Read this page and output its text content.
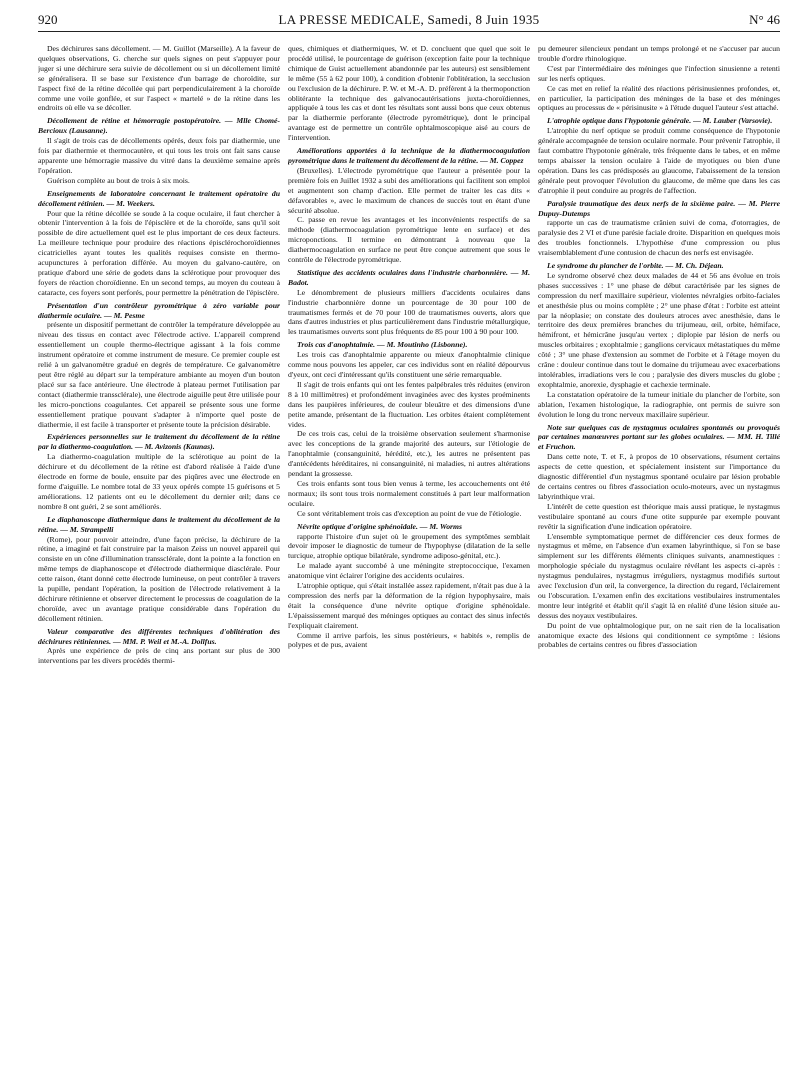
920	LA PRESSE MEDICALE, Samedi, 8 Juin 1935	N° 46

Des déchirures sans décollement. — M. Guillot (Marseille). A la faveur de quelques observations, G. cherche sur quels signes on peut s'appuyer pour juger si une déchirure sera suivie de décollement ou si un décollement limité se généralisera. Il se base sur l'existence d'un barrage de choroïdite, sur l'aspect fixé de la rétine décollée qui part perpendiculairement à la choroïde comme une voile gonflée, et sur l'aspect « martelé » de la rétine dans les endroits où elle va se décoller.

Décollement de rétine et hémorragie postopératoire. — Mlle Chomé-Bercioux (Lausanne).

Il s'agit de trois cas de décollements opérés, deux fois par diathermie, une fois par diathermie et thermocautère, et qui tous les trois ont fait sans cause apparente une hémorragie massive du vitré dans la deuxième semaine après l'opération.

Guérison complète au bout de trois à six mois.

Enseignements de laboratoire concernant le traitement opératoire du décollement rétinien. — M. Weekers.

Pour que la rétine décollée se soude à la coque oculaire, il faut chercher à obtenir l'intervention à la fois de l'épisclère et de la choroïde, sans qu'il soit possible de dire actuellement quel est le plus important de ces deux facteurs. La meilleure technique pour produire des réactions épisclérochoroïdiennes cicatricielles ayant toutes les qualités requises consiste en thermo-acupunctures à perforation différée. Au moyen du galvano-cautère, on pratique d'abord une série de godets dans la sclérotique pour provoquer des foyers de réaction choroïdienne. En un second temps, au moyen du couteau à cataracte, ces foyers sont perforés, pour permettre la pénétration de l'épisclère.

Présentation d'un contrôleur pyrométrique à zéro variable pour diathermie oculaire. — M. Pesme

présente un dispositif permettant de contrôler la température développée au niveau des tissus en contact avec l'électrode active. L'appareil comprend essentiellement un couple thermo-électrique agissant à la fois comme instrument opératoire et comme instrument de mesure. Ce premier couple est relié à un galvanomètre gradué en degrés de température. Ce galvanomètre peut être réglé au départ sur la température ambiante au moyen d'un bouton placé sur sa face antérieure. Une électrode à plateau permet l'utilisation par contact (diathermie transsclérale), une électrode aiguille peut être utilisée pour les micro-ponctions coagulantes. Cet appareil se présente sous une forme essentiellement pratique pouvant s'adapter à n'importe quel poste de diathermie, il est facile à transporter et présente toute la précision désirable.

Expériences personnelles sur le traitement du décollement de la rétine par la diathermo-coagulation. — M. Avizonis (Kaunas).

La diathermo-coagulation multiple de la sclérotique au point de la déchirure et du décollement de la rétine est d'abord réalisée à l'aide d'une électrode en forme de boule, ensuite par des piqûres avec une électrode en forme d'aiguille. Le nombre total de 33 yeux opérés compte 15 guérisons et 5 améliorations. 12 patients ont eu le décollement du dernier œil; dans ce nombre 8 ont guéri, 2 se sont améliorés.

Le diaphanoscope diathermique dans le traitement du décollement de la rétine. — M. Strampelli

(Rome), pour pouvoir atteindre, d'une façon précise, la déchirure de la rétine, a imaginé et fait construire par la maison Zeiss un nouvel appareil qui consiste en un cône d'illumination transsclérale, dont la pointe a la fonction en même temps de diaphanoscope et d'électrode diathermique diasclérale. Pour cette raison, étant donné cette électrode lumineuse, on peut contrôler à travers la pupille, pendant l'opération, la position de l'électrode relativement à la déchirure rétinienne et observer directement le processus de coagulation de la choroïde, avec un avantage pratique considérable dans l'opération du décollement rétinien.

Valeur comparative des différentes techniques d'oblitération des déchirures rétiniennes. — MM. P. Weil et M.-A. Dollfus.

Après une expérience de près de cinq ans portant sur plus de 300 interventions par les divers procédés thermi-

ques, chimiques et diathermiques, W. et D. concluent que quel que soit le procédé utilisé, le pourcentage de guérison (exception faite pour la technique chimique de Guist actuellement abandonnée par les auteurs) est sensiblement le même (55 à 62 pour 100), à condition d'obtenir l'oblitération, la secclusion ou l'exclusion de la déchirure. P. W. et M.-A. D. préfèrent à la thermoponction oblitérante la technique des galvanocautérisations juxta-choroïdiennes, appliquée à tous les cas et dont les résultats sont aussi bons que ceux obtenus par la diathermie perforante (électrode pyrométrique), dont le principal avantage est de permettre un contrôle ophtalmoscopique aisé au cours de l'intervention.

Améliorations apportées à la technique de la diathermocoagulation pyrométrique dans le traitement du décollement de la rétine. — M. Coppez

(Bruxelles). L'électrode pyrométrique que l'auteur a présentée pour la première fois en Juillet 1932 a subi des améliorations qui facilitent son emploi et augmentent son champ d'action. Elle permet de traiter les cas dits « défavorables », avec le maximum de chances de succès tout en étant d'une sécurité absolue.

C. passe en revue les avantages et les inconvénients respectifs de sa méthode (diathermocoagulation pyrométrique lente en surface) et des microponctions. Il termine en démontrant à nouveau que la diathermocoagulation en surface ne peut être conçue autrement que sous le contrôle de l'électrode pyrométrique.

Statistique des accidents oculaires dans l'industrie charbonnière. — M. Badot.

Le dénombrement de plusieurs milliers d'accidents oculaires dans l'industrie charbonnière donne un pourcentage de 30 pour 100 de traumatismes fermés et de 70 pour 100 de traumatismes ouverts, alors que dans d'autres industries et plus particulièrement dans l'industrie métallurgique, les traumatismes ouverts sont plus fréquents de 85 pour 100 à 90 pour 100.

Trois cas d'anophtalmie. — M. Moutinho (Lisbonne).

Les trois cas d'anophtalmie apparente ou mieux d'anophtalmie clinique comme nous pouvons les appeler, car ces individus sont en réalité dépourvus d'yeux, ont ceci d'intéressant qu'ils constituent une série remarquable.

Il s'agit de trois enfants qui ont les fentes palpébrales très réduites (environ 8 à 10 millimètres) et profondément invaginées avec des kystes proéminents dans les paupières inférieures, de couleur bleuâtre et des dimensions d'une petite amande, présentant de la fluctuation. Les orbites étaient complètement vides.

De ces trois cas, celui de la troisième observation seulement s'harmonise avec les conceptions de la grande majorité des auteurs, sur l'étiologie de l'anophtalmie (consanguinité, hérédité, etc.), les autres ne présentent pas d'antécédents héréditaires, ni consanguinité, ni maladies, ni autres altérations pendant la grossesse.

Ces trois enfants sont tous bien venus à terme, les accouchements ont été normaux; ils sont tous trois normalement constitués à part leur malformation oculaire.

Ce sont véritablement trois cas d'exception au point de vue de l'étiologie.

Névrite optique d'origine sphénoïdale. — M. Worms

rapporte l'histoire d'un sujet où le groupement des symptômes semblait devoir imposer le diagnostic de tumeur de l'hypophyse (dilatation de la selle turcique, atrophie optique bilatérale, syndrome adiposo-génital, etc.).

Le malade ayant succombé à une méningite streptococcique, l'examen anatomique vint éclairer l'origine des accidents oculaires.

L'atrophie optique, qui s'était installée assez rapidement, n'était pas due à la compression des nerfs par la déformation de la région hypophysaire, mais était la conséquence d'une névrite optique d'origine sphénoïdale. L'épaississement marqué des méninges optiques au contact des sinus infectés l'expliquait clairement.

Comme il arrive parfois, les sinus postérieurs, « habités », remplis de polypes et de pus, avaient

pu demeurer silencieux pendant un temps prolongé et ne s'accuser par aucun trouble d'ordre rhinologique.

C'est par l'intermédiaire des méninges que l'infection sinusienne a retenti sur les nerfs optiques.

Ce cas met en relief la réalité des réactions périsinusiennes profondes, et, en particulier, la participation des méninges de la base et des méninges optiques au processus de « périsinusite » à l'étude duquel l'auteur s'est attaché.

L'atrophie optique dans l'hypotonie générale. — M. Lauber (Varsovie).

L'atrophie du nerf optique se produit comme conséquence de l'hypotonie générale accompagnée de tension oculaire normale. Pour prévenir l'atrophie, il faut combattre l'hypotonie générale, très fréquente dans le tabes, et en même temps abaisser la tension oculaire à l'aide de myotiques ou bien d'une opération. Dans les cas prédisposés au glaucome, l'abaissement de la tension générale peut provoquer l'évolution du glaucome, de même que dans les cas d'atrophie il peut conduire au progrès de l'affection.

Paralysie traumatique des deux nerfs de la sixième paire. — M. Pierre Dupuy-Dutemps

rapporte un cas de traumatisme crânien suivi de coma, d'otorragies, de paralysie des 2 VI et d'une parésie faciale droite. Disparition en quelques mois des troubles fonctionnels. L'hypothèse d'une compression ou plus vraisemblablement d'une contusion de chacun des nerfs est envisagée.

Le syndrome du plancher de l'orbite. — M. Ch. Déjean.

Le syndrome observé chez deux malades de 44 et 56 ans évolue en trois phases successives : 1° une phase de début caractérisée par les signes de compression du nerf maxillaire supérieur, violentes névralgies orbito-faciales et anesthésie plus ou moins complète ; 2° une phase d'état : l'orbite est atteint par la néoplasie; on constate des douleurs atroces avec anesthésie, dans le territoire des deux premières branches du trijumeau, œil, orbite, hémiface, hémifront, et hémicrâne jusqu'au vertex ; diplopie par lésion de nerfs ou muscles orbitaires ; exophtalmie ; ganglions cervicaux métastatiques du même côté ; 3° une phase d'extension au sommet de l'orbite et à l'étage moyen du crâne : douleur continue dans tout le domaine du trijumeau avec exacerbations intolérables, irradiations vers le cou ; paralysie des divers muscles du globe ; exophtalmie, anorexie, dysphagie et cachexie terminale.

La constatation opératoire de la tumeur initiale du plancher de l'orbite, son ablation, l'examen histologique, la radiographie, ont permis de suivre son évolution le long du tronc nerveux maxillaire supérieur.

Note sur quelques cas de nystagmus oculaires spontanés ou provoqués par certaines manœuvres portant sur les globes oculaires. — MM. H. Tillé et Fruchon.

Dans cette note, T. et F., à propos de 10 observations, résument certains aspects de cette question, et spécialement insistent sur l'importance du diagnostic différentiel d'un nystagmus spontané oculaire par lésion probable de certains centres ou fibres d'association oculo-moteurs, avec un nystagmus labyrinthique vrai.

L'intérêt de cette question est théorique mais aussi pratique, le nystagmus vestibulaire spontané au cours d'une otite suppurée par exemple pouvant revêtir la signification d'une indication opératoire.

L'ensemble symptomatique permet de différencier ces deux formes de nystagmus et même, en l'absence d'un examen labyrinthique, si l'on se base simplement sur les différents éléments cliniques suivants, anamnestiques : morphologie spéciale du nystagmus oculaire révélant les aspects ci-après : nystagmus pendulaires, nystagmus irréguliers, nystagmus modifiés surtout avec l'exclusion d'un œil, la convergence, la direction du regard, l'éclairement ou l'obscuration. L'examen enfin des excitations vestibulaires instrumentales montre leur intégrité et établit qu'il s'agit là en réalité d'une lésion située au-dessus des noyaux vestibulaires.

Du point de vue ophtalmologique pur, on ne sait rien de la localisation anatomique exacte des lésions qui conditionnent ce symptôme : lésions probables de certains centres ou fibres d'association
